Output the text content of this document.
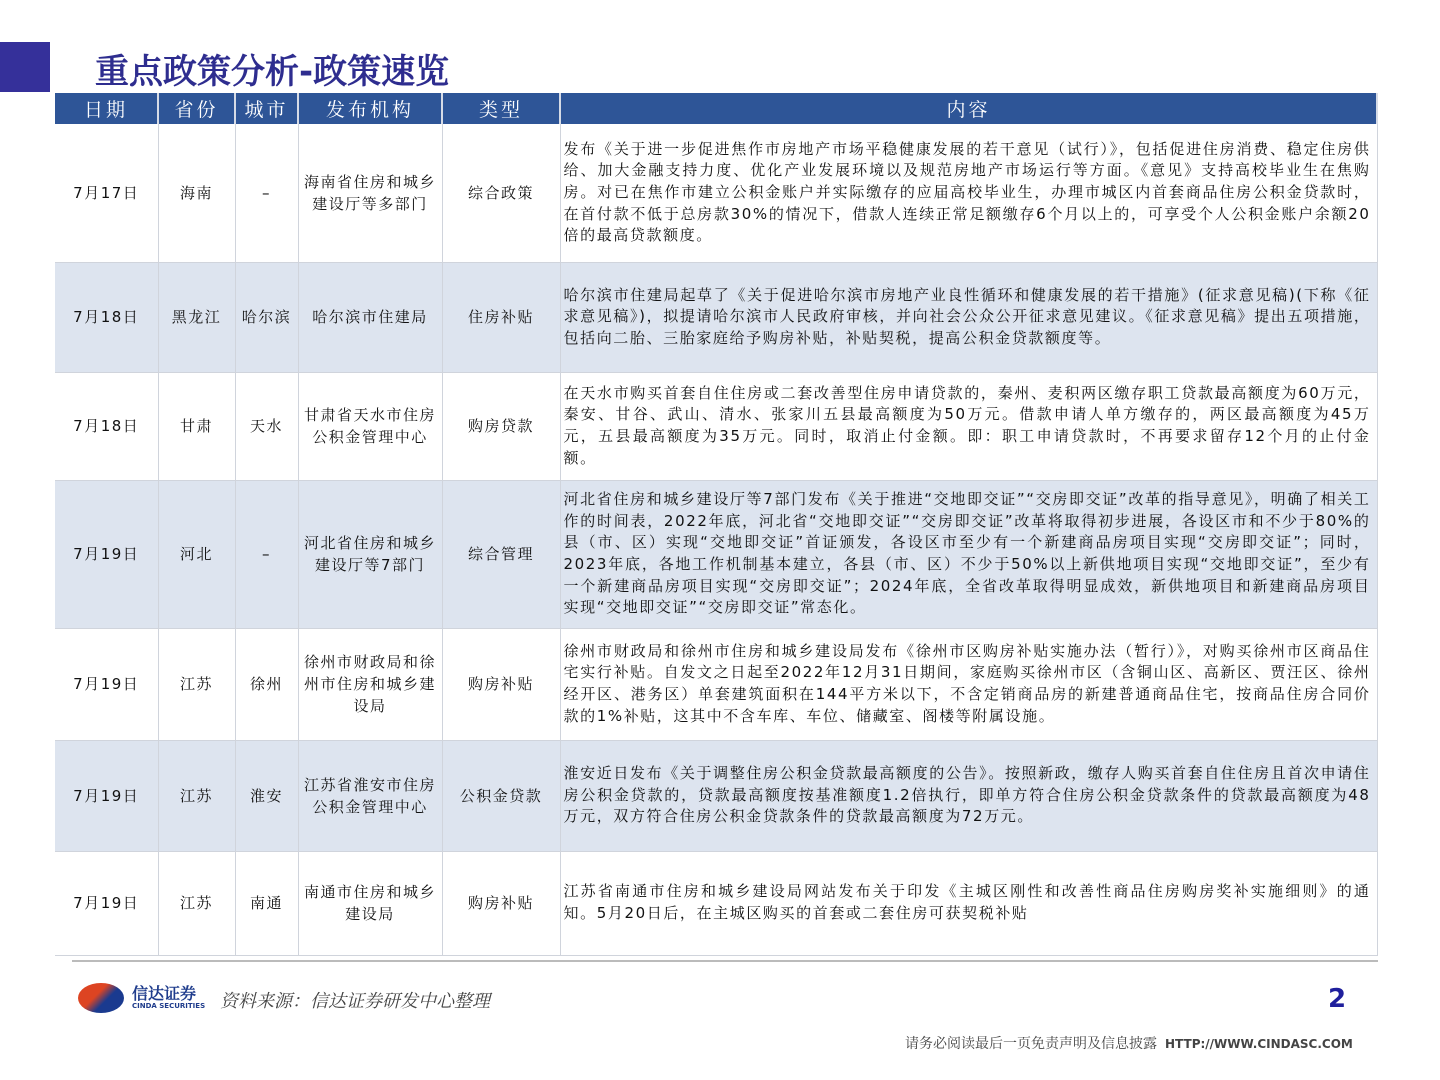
重点政策分析-政策速览
日期	省份	城市	发布机构	类型	内容
7月17日	海南	–	海南省住房和城乡建设厅等多部门	综合政策	发布《关于进一步促进焦作市房地产市场平稳健康发展的若干意见（试行）》，包括促进住房消费、稳定住房供给、加大金融支持力度、优化产业发展环境以及规范房地产市场运行等方面。《意见》支持高校毕业生在焦购房。对已在焦作市建立公积金账户并实际缴存的应届高校毕业生，办理市城区内首套商品住房公积金贷款时，在首付款不低于总房款30%的情况下，借款人连续正常足额缴存6个月以上的，可享受个人公积金账户余额20倍的最高贷款额度。
7月18日	黑龙江	哈尔滨	哈尔滨市住建局	住房补贴	哈尔滨市住建局起草了《关于促进哈尔滨市房地产业良性循环和健康发展的若干措施》(征求意见稿)(下称《征求意见稿》)，拟提请哈尔滨市人民政府审核，并向社会公众公开征求意见建议。《征求意见稿》提出五项措施，包括向二胎、三胎家庭给予购房补贴，补贴契税，提高公积金贷款额度等。
7月18日	甘肃	天水	甘肃省天水市住房公积金管理中心	购房贷款	在天水市购买首套自住住房或二套改善型住房申请贷款的，秦州、麦积两区缴存职工贷款最高额度为60万元，秦安、甘谷、武山、清水、张家川五县最高额度为50万元。借款申请人单方缴存的，两区最高额度为45万元，五县最高额度为35万元。同时，取消止付金额。即：职工申请贷款时，不再要求留存12个月的止付金额。
7月19日	河北	–	河北省住房和城乡建设厅等7部门	综合管理	河北省住房和城乡建设厅等7部门发布《关于推进“交地即交证”“交房即交证”改革的指导意见》，明确了相关工作的时间表，2022年底，河北省“交地即交证”“交房即交证”改革将取得初步进展，各设区市和不少于80%的县（市、区）实现“交地即交证”首证颁发，各设区市至少有一个新建商品房项目实现“交房即交证”；同时，2023年底，各地工作机制基本建立，各县（市、区）不少于50%以上新供地项目实现“交地即交证”，至少有一个新建商品房项目实现“交房即交证”；2024年底，全省改革取得明显成效，新供地项目和新建商品房项目实现“交地即交证”“交房即交证”常态化。
7月19日	江苏	徐州	徐州市财政局和徐州市住房和城乡建设局	购房补贴	徐州市财政局和徐州市住房和城乡建设局发布《徐州市区购房补贴实施办法（暂行）》，对购买徐州市区商品住宅实行补贴。自发文之日起至2022年12月31日期间，家庭购买徐州市区（含铜山区、高新区、贾汪区、徐州经开区、港务区）单套建筑面积在144平方米以下，不含定销商品房的新建普通商品住宅，按商品住房合同价款的1%补贴，这其中不含车库、车位、储藏室、阁楼等附属设施。
7月19日	江苏	淮安	江苏省淮安市住房公积金管理中心	公积金贷款	淮安近日发布《关于调整住房公积金贷款最高额度的公告》。按照新政，缴存人购买首套自住住房且首次申请住房公积金贷款的，贷款最高额度按基准额度1.2倍执行，即单方符合住房公积金贷款条件的贷款最高额度为48万元，双方符合住房公积金贷款条件的贷款最高额度为72万元。
7月19日	江苏	南通	南通市住房和城乡建设局	购房补贴	江苏省南通市住房和城乡建设局网站发布关于印发《主城区刚性和改善性商品住房购房奖补实施细则》的通知。5月20日后，在主城区购买的首套或二套住房可获契税补贴
信达证券
CINDA SECURITIES 资料来源：信达证券研发中心整理	2
请务必阅读最后一页免责声明及信息披露 HTTP://WWW.CINDASC.COM
